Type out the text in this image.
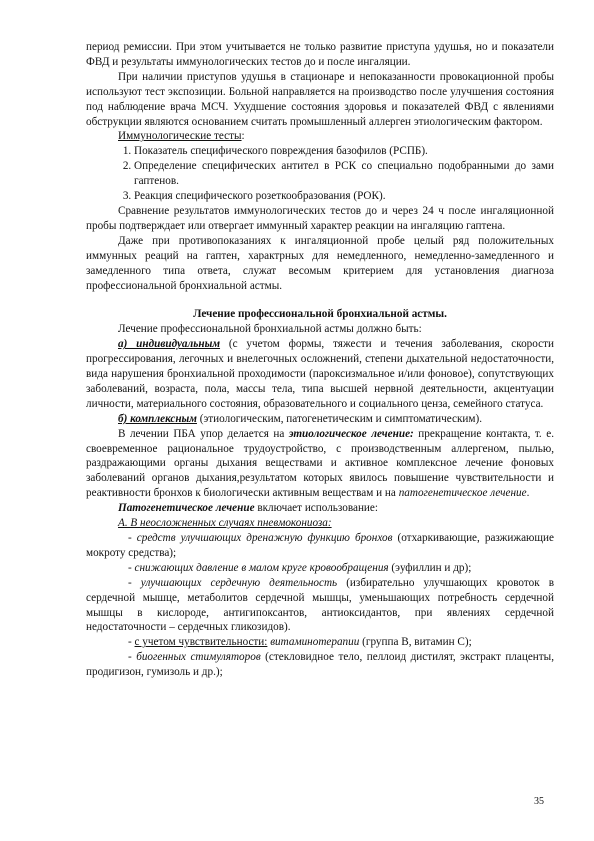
период ремиссии. При этом учитывается не только развитие приступа удушья, но и показатели ФВД и результаты иммунологических тестов до и после ингаляции.

При наличии приступов удушья в стационаре и непоказанности провокационной пробы используют тест экспозиции. Больной направляется на производство после улучшения состояния под наблюдение врача МСЧ. Ухудшение состояния здоровья и показателей ФВД с явлениями обструкции являются основанием считать промышленный аллерген этиологическим фактором.

Иммунологические тесты:

1. Показатель специфического повреждения базофилов (РСПБ).
2. Определение специфических антител в РСК со специально подобранными до зами гаптенов.
3. Реакция специфического розеткообразования (РОК).

Сравнение результатов иммунологических тестов до и через 24 ч после ингаляционной пробы подтверждает или отвергает иммунный характер реакции на ингаляцию гаптена.

Даже при противопоказаниях к ингаляционной пробе целый ряд положительных иммунных реаций на гаптен, характрных для немедленного, немедленно-замедленного и замедленного типа ответа, служат весомым критерием для установления диагноза профессиональной бронхиальной астмы.

Лечение профессиональной бронхиальной астмы.

Лечение профессиональной бронхиальной астмы должно быть:

а) индивидуальным (с учетом формы, тяжести и течения заболевания, скорости прогрессирования, легочных и внелегочных осложнений, степени дыхательной недостаточности, вида нарушения бронхиальной проходимости (пароксизмальное и/или фоновое), сопутствующих заболеваний, возраста, пола, массы тела, типа высшей нервной деятельности, акцентуации личности, материального состояния, образовательного и социального ценза, семейного статуса.

б) комплексным (этиологическим, патогенетическим и симптоматическим).

В лечении ПБА упор делается на этиологическое лечение: прекращение контакта, т. е. своевременное рациональное трудоустройство, с производственным аллергеном, пылью, раздражающими органы дыхания веществами и активное комплексное лечение фоновых заболеваний органов дыхания,результатом которых явилось повышение чувствительности и реактивности бронхов к биологически активным веществам и на патогенетическое лечение.

Патогенетическое лечение включает использование:

А. В неосложненных случаях пневмокониоза:

- средств улучшающих дренажную функцию бронхов (отхаркивающие, разжижающие мокроту средства);

- снижающих давление в малом круге кровообращения (эуфиллин и др);

- улучшающих сердечную деятельность (избирательно улучшающих кровоток в сердечной мышце, метаболитов сердечной мышцы, уменьшающих потребность сердечной мышцы в кислороде, антигипоксантов, антиоксидантов, при явлениях сердечной недостаточности – сердечных гликозидов).

- с учетом чувствительности: витаминотерапии (группа В, витамин С);

- биогенных стимуляторов (стекловидное тело, пеллоид дистилят, экстракт плаценты, продигизон, гумизоль и др.);

35
